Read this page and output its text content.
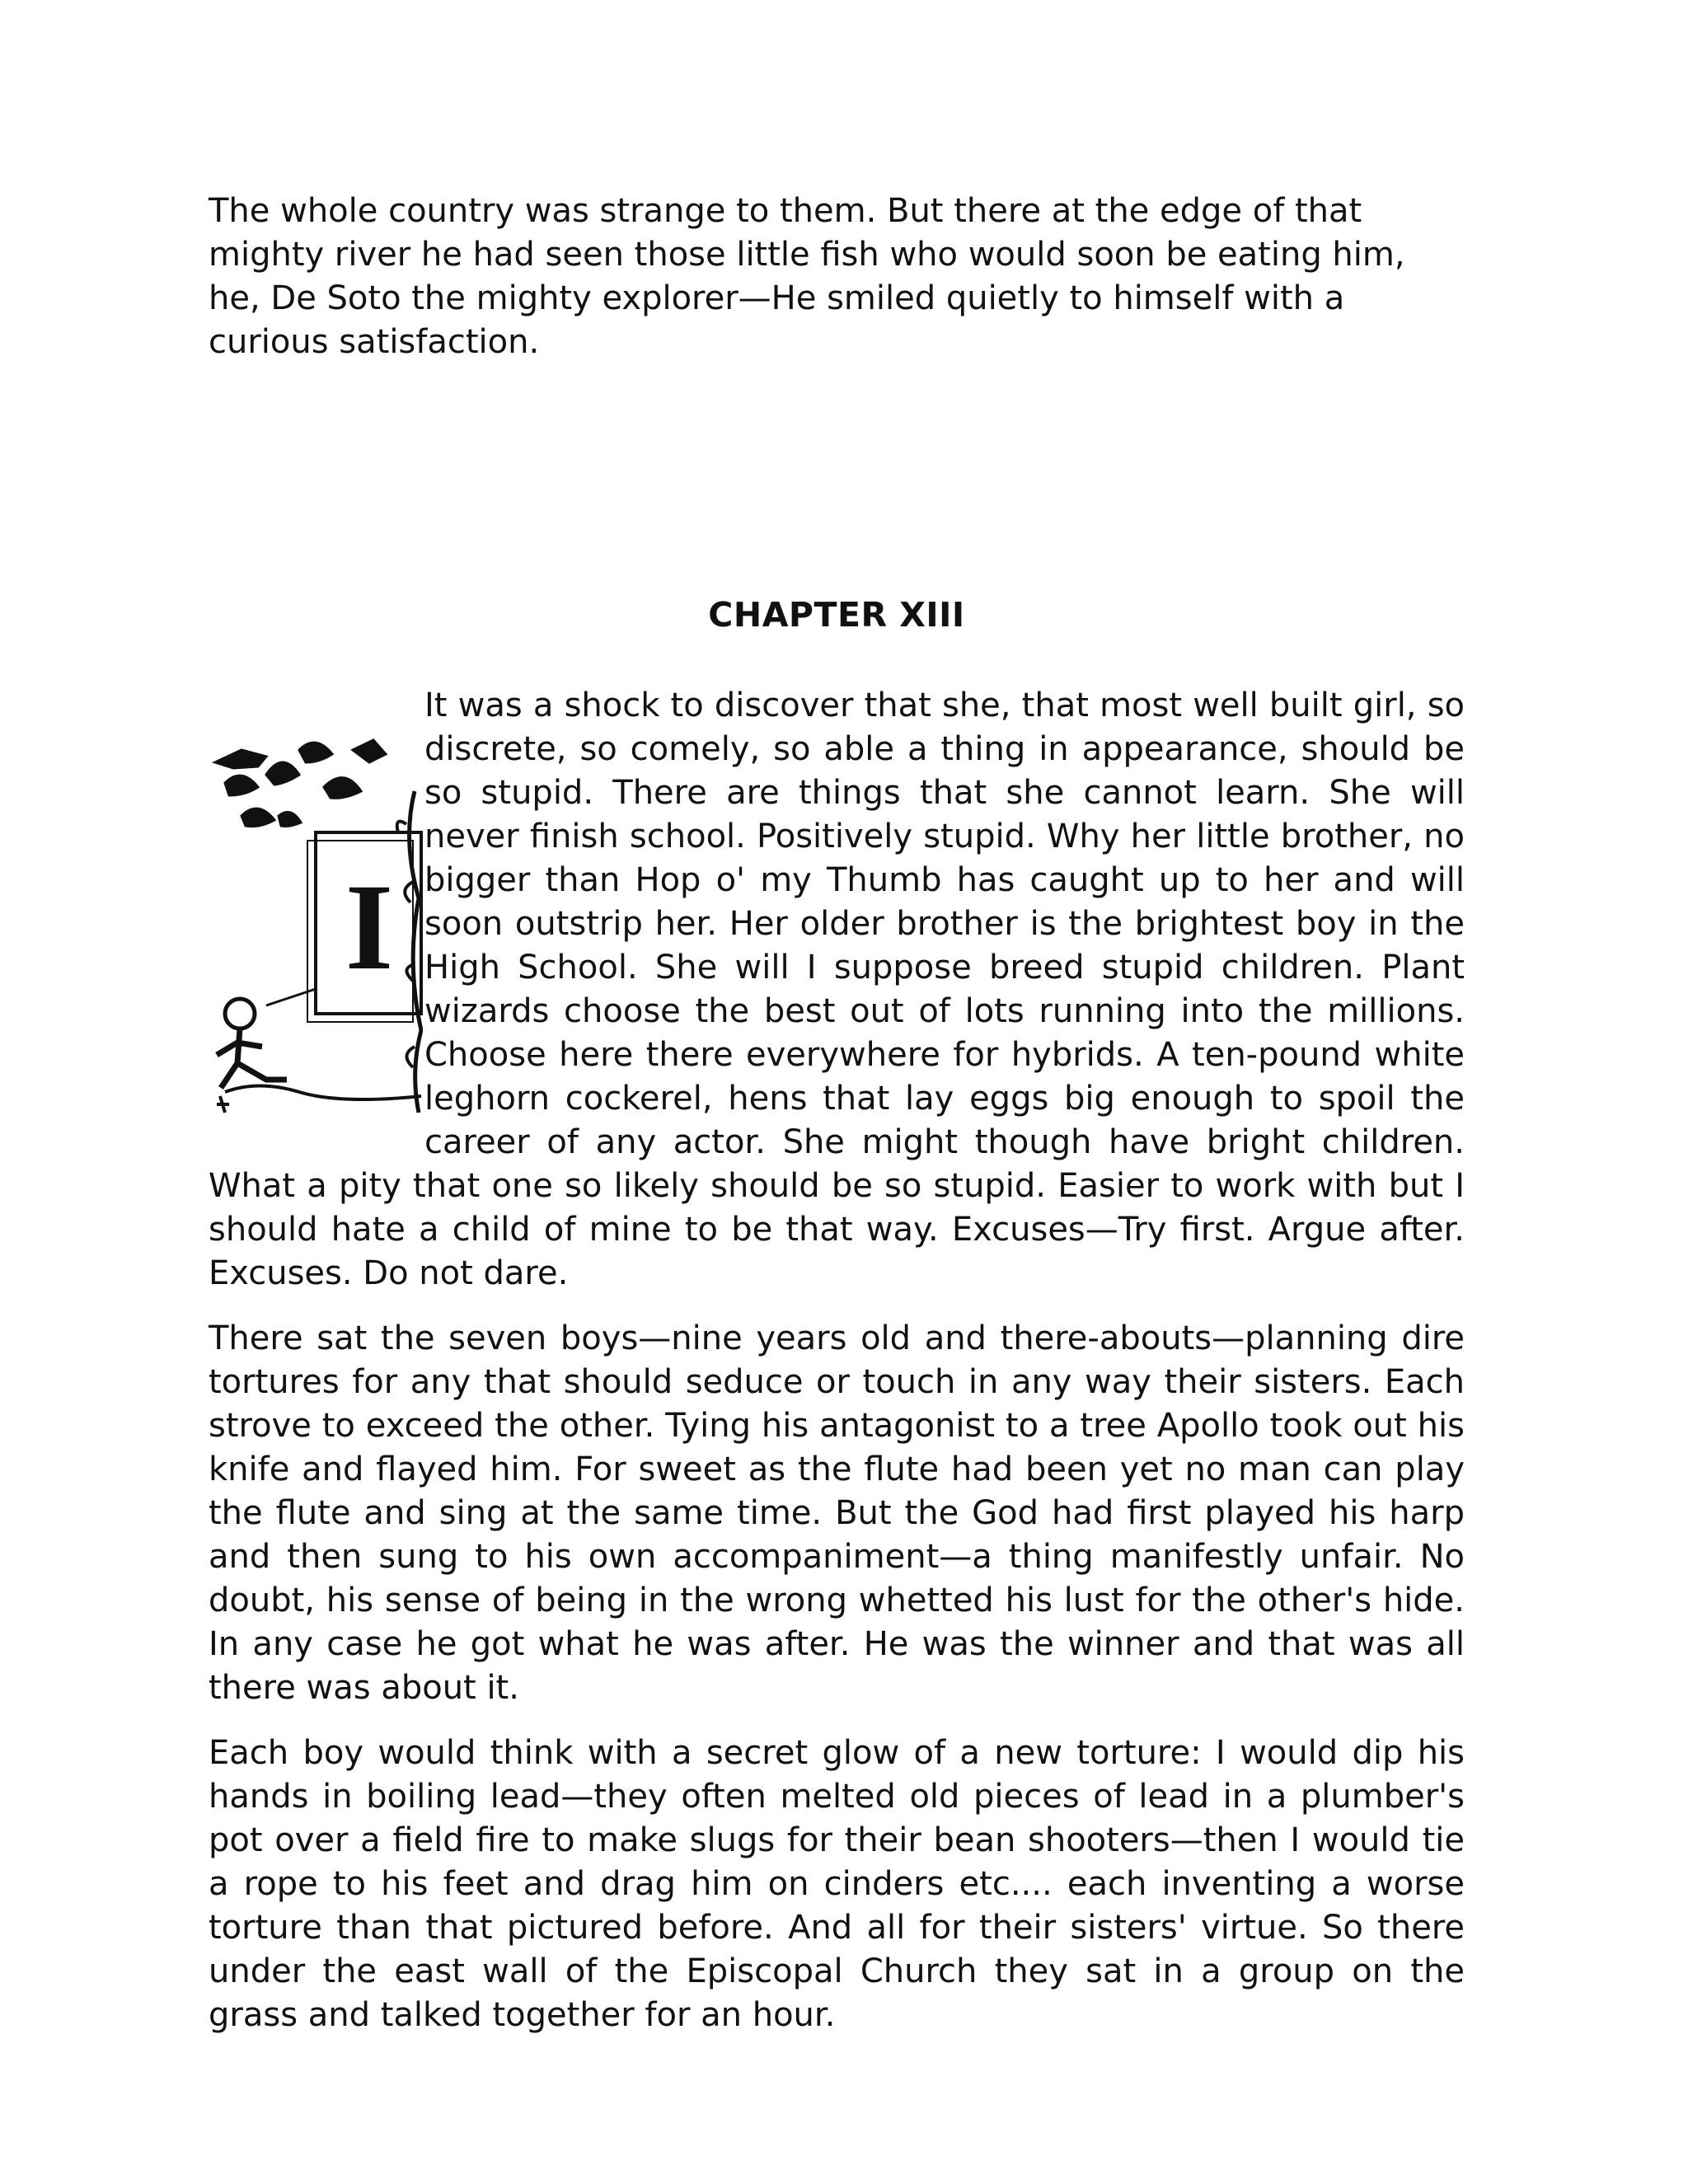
The whole country was strange to them. But there at the edge of that mighty river he had seen those little fish who would soon be eating him, he, De Soto the mighty explorer—He smiled quietly to himself with a curious satisfaction.

CHAPTER XIII
I

It was a shock to discover that she, that most well built girl, so discrete, so comely, so able a thing in appearance, should be so stupid. There are things that she cannot learn. She will never finish school. Positively stupid. Why her little brother, no bigger than Hop o' my Thumb has caught up to her and will soon outstrip her. Her older brother is the brightest boy in the High School. She will I suppose breed stupid children. Plant wizards choose the best out of lots running into the millions. Choose here there everywhere for hybrids. A ten-pound white leghorn cockerel, hens that lay eggs big enough to spoil the career of any actor. She might though have bright children. What a pity that one so likely should be so stupid. Easier to work with but I should hate a child of mine to be that way. Excuses—Try first. Argue after. Excuses. Do not dare.

There sat the seven boys—nine years old and there-abouts—planning dire tortures for any that should seduce or touch in any way their sisters. Each strove to exceed the other. Tying his antagonist to a tree Apollo took out his knife and flayed him. For sweet as the flute had been yet no man can play the flute and sing at the same time. But the God had first played his harp and then sung to his own accompaniment—a thing manifestly unfair. No doubt, his sense of being in the wrong whetted his lust for the other's hide. In any case he got what he was after. He was the winner and that was all there was about it.

Each boy would think with a secret glow of a new torture: I would dip his hands in boiling lead—they often melted old pieces of lead in a plumber's pot over a field fire to make slugs for their bean shooters—then I would tie a rope to his feet and drag him on cinders etc.... each inventing a worse torture than that pictured before. And all for their sisters' virtue. So there under the east wall of the Episcopal Church they sat in a group on the grass and talked together for an hour.
